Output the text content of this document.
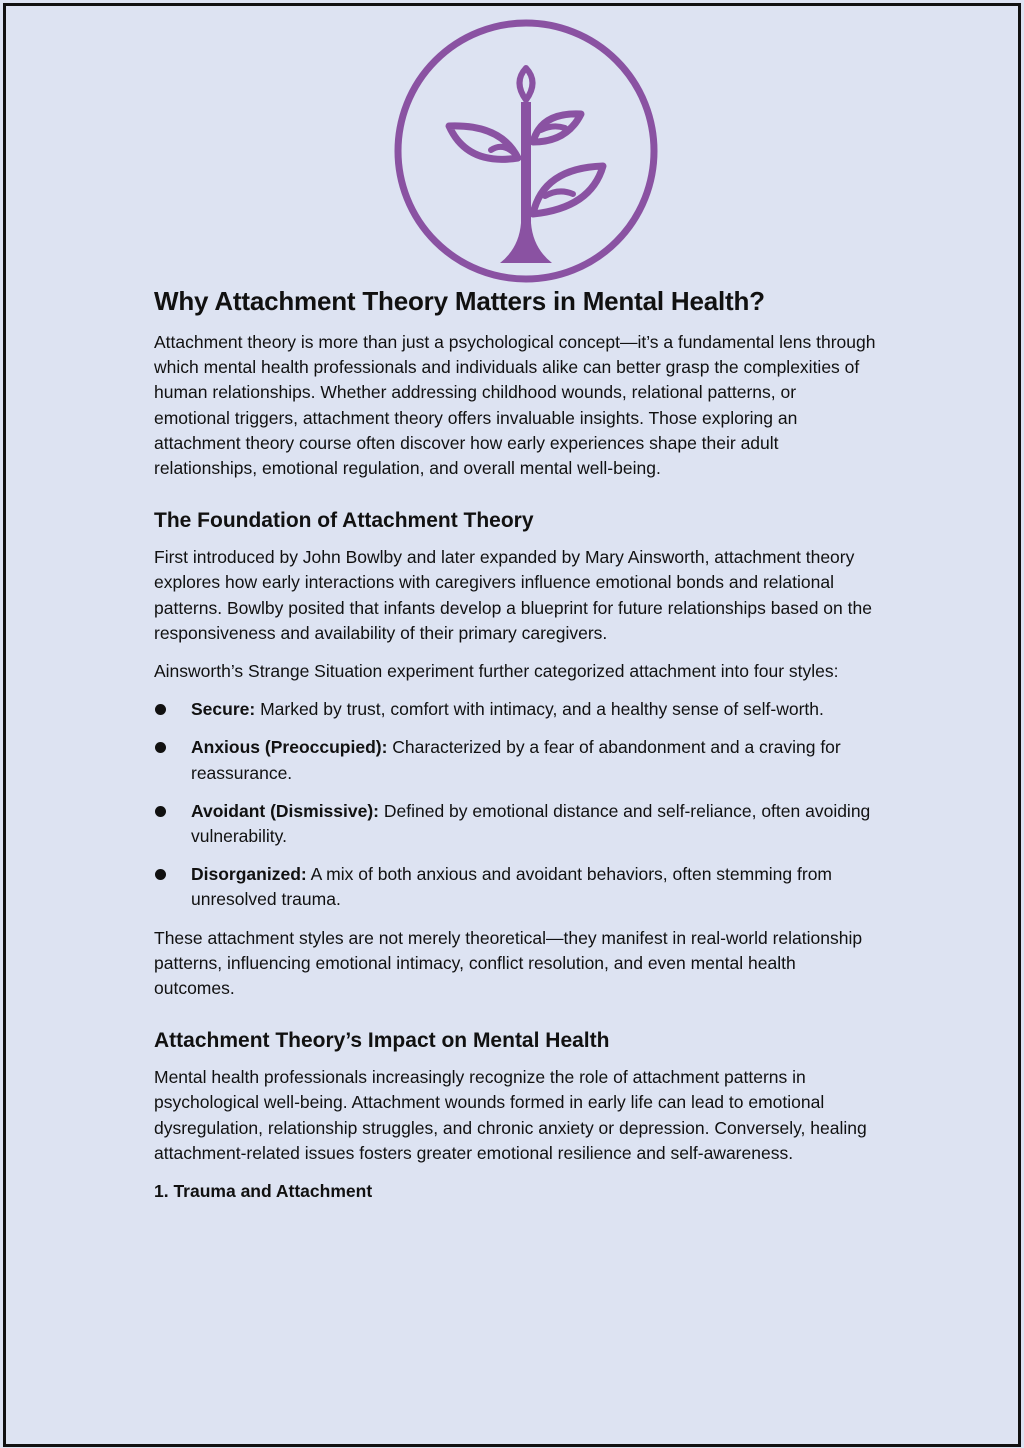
Why Attachment Theory Matters in Mental Health?

Attachment theory is more than just a psychological concept—it’s a fundamental lens through which mental health professionals and individuals alike can better grasp the complexities of human relationships. Whether addressing childhood wounds, relational patterns, or emotional triggers, attachment theory offers invaluable insights. Those exploring an attachment theory course often discover how early experiences shape their adult relationships, emotional regulation, and overall mental well-being.

The Foundation of Attachment Theory

First introduced by John Bowlby and later expanded by Mary Ainsworth, attachment theory explores how early interactions with caregivers influence emotional bonds and relational patterns. Bowlby posited that infants develop a blueprint for future relationships based on the responsiveness and availability of their primary caregivers.

Ainsworth’s Strange Situation experiment further categorized attachment into four styles:

Secure: Marked by trust, comfort with intimacy, and a healthy sense of self-worth.
Anxious (Preoccupied): Characterized by a fear of abandonment and a craving for reassurance.
Avoidant (Dismissive): Defined by emotional distance and self-reliance, often avoiding vulnerability.
Disorganized: A mix of both anxious and avoidant behaviors, often stemming from unresolved trauma.

These attachment styles are not merely theoretical—they manifest in real-world relationship patterns, influencing emotional intimacy, conflict resolution, and even mental health outcomes.

Attachment Theory’s Impact on Mental Health

Mental health professionals increasingly recognize the role of attachment patterns in psychological well-being. Attachment wounds formed in early life can lead to emotional dysregulation, relationship struggles, and chronic anxiety or depression. Conversely, healing attachment-related issues fosters greater emotional resilience and self-awareness.

1. Trauma and Attachment
